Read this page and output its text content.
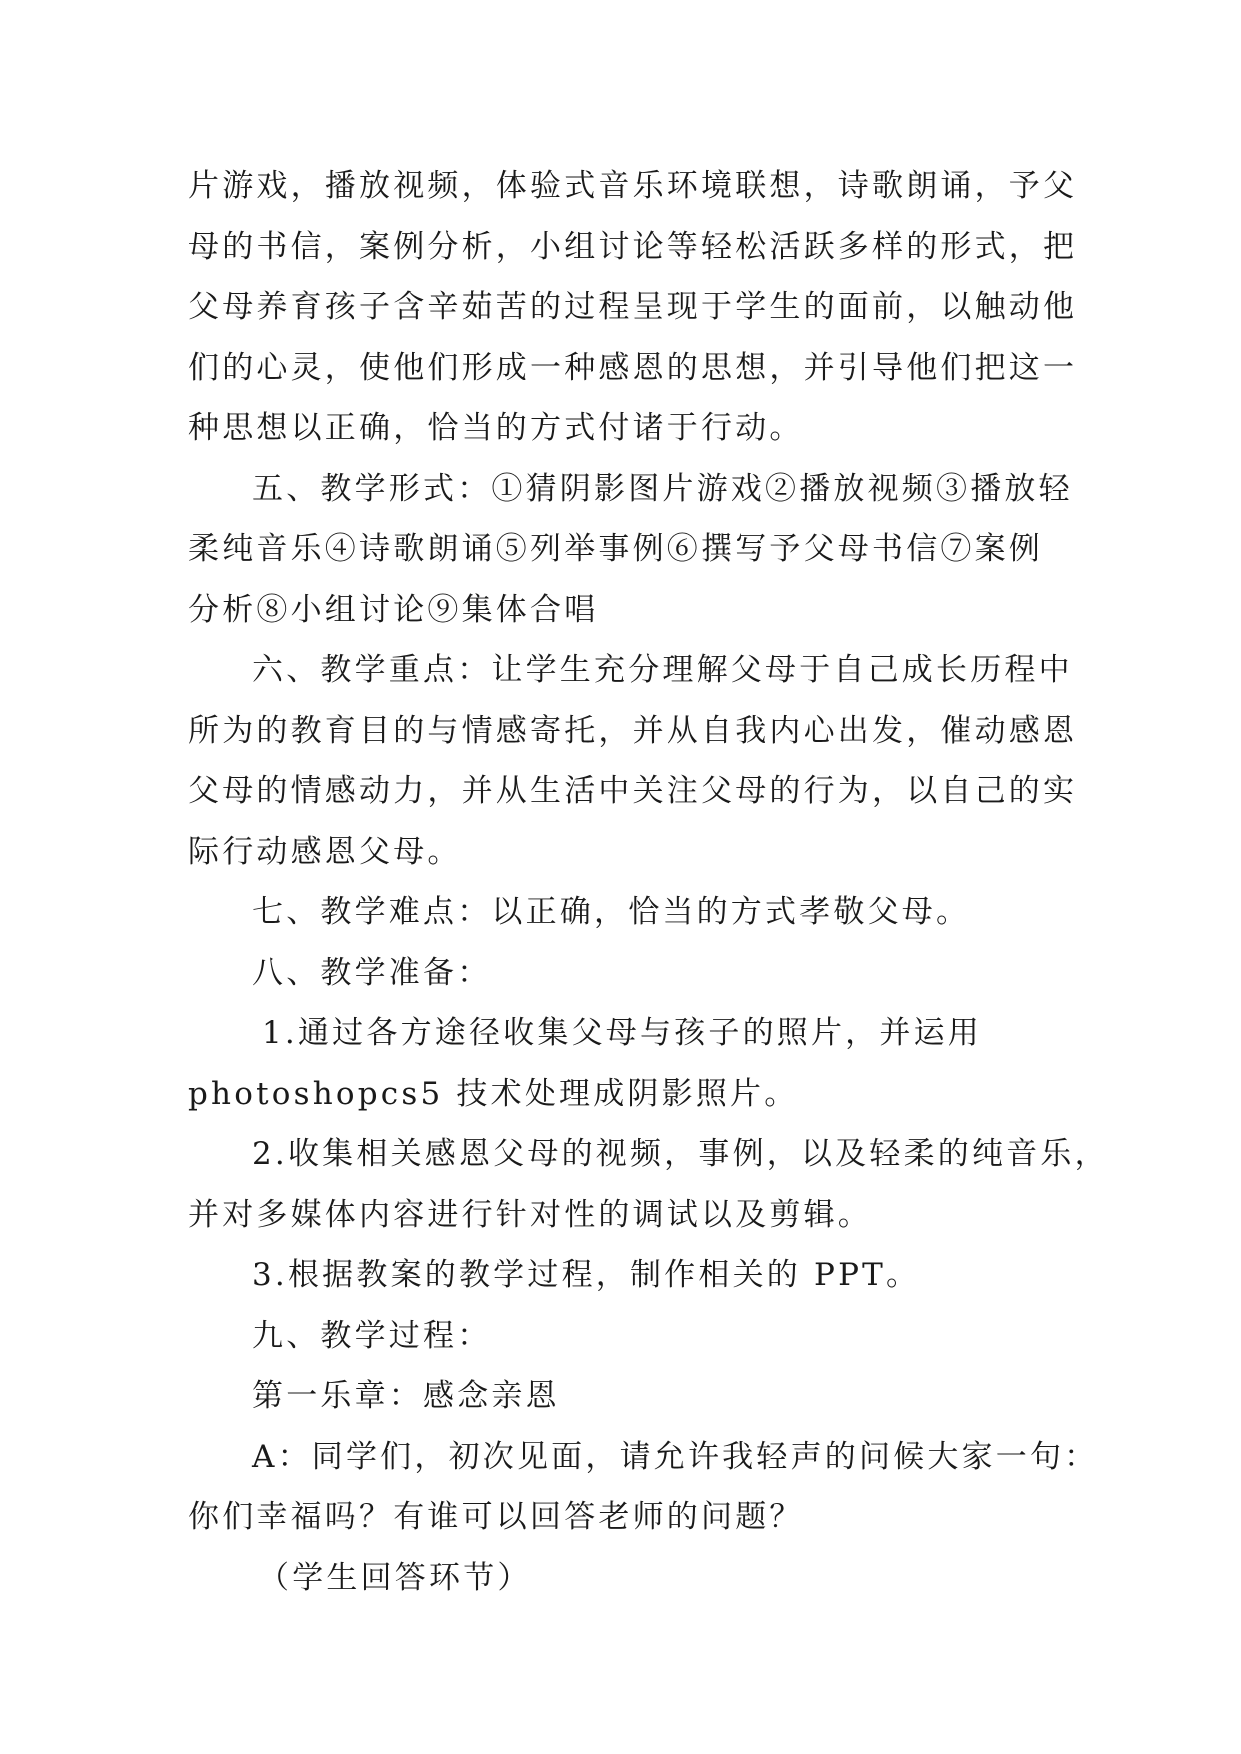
片游戏，播放视频，体验式音乐环境联想，诗歌朗诵，予父
母的书信，案例分析，小组讨论等轻松活跃多样的形式，把
父母养育孩子含辛茹苦的过程呈现于学生的面前，以触动他
们的心灵，使他们形成一种感恩的思想，并引导他们把这一
种思想以正确，恰当的方式付诸于行动。
五、教学形式：①猜阴影图片游戏②播放视频③播放轻
柔纯音乐④诗歌朗诵⑤列举事例⑥撰写予父母书信⑦案例
分析⑧小组讨论⑨集体合唱
六、教学重点：让学生充分理解父母于自己成长历程中
所为的教育目的与情感寄托，并从自我内心出发，催动感恩
父母的情感动力，并从生活中关注父母的行为，以自己的实
际行动感恩父母。
七、教学难点：以正确，恰当的方式孝敬父母。
八、教学准备：
1.通过各方途径收集父母与孩子的照片，并运用
photoshopcs5 技术处理成阴影照片。
2.收集相关感恩父母的视频，事例，以及轻柔的纯音乐，
并对多媒体内容进行针对性的调试以及剪辑。
3.根据教案的教学过程，制作相关的 PPT。
九、教学过程：
第一乐章：感念亲恩
A：同学们，初次见面，请允许我轻声的问候大家一句：
你们幸福吗？有谁可以回答老师的问题？
（学生回答环节）
